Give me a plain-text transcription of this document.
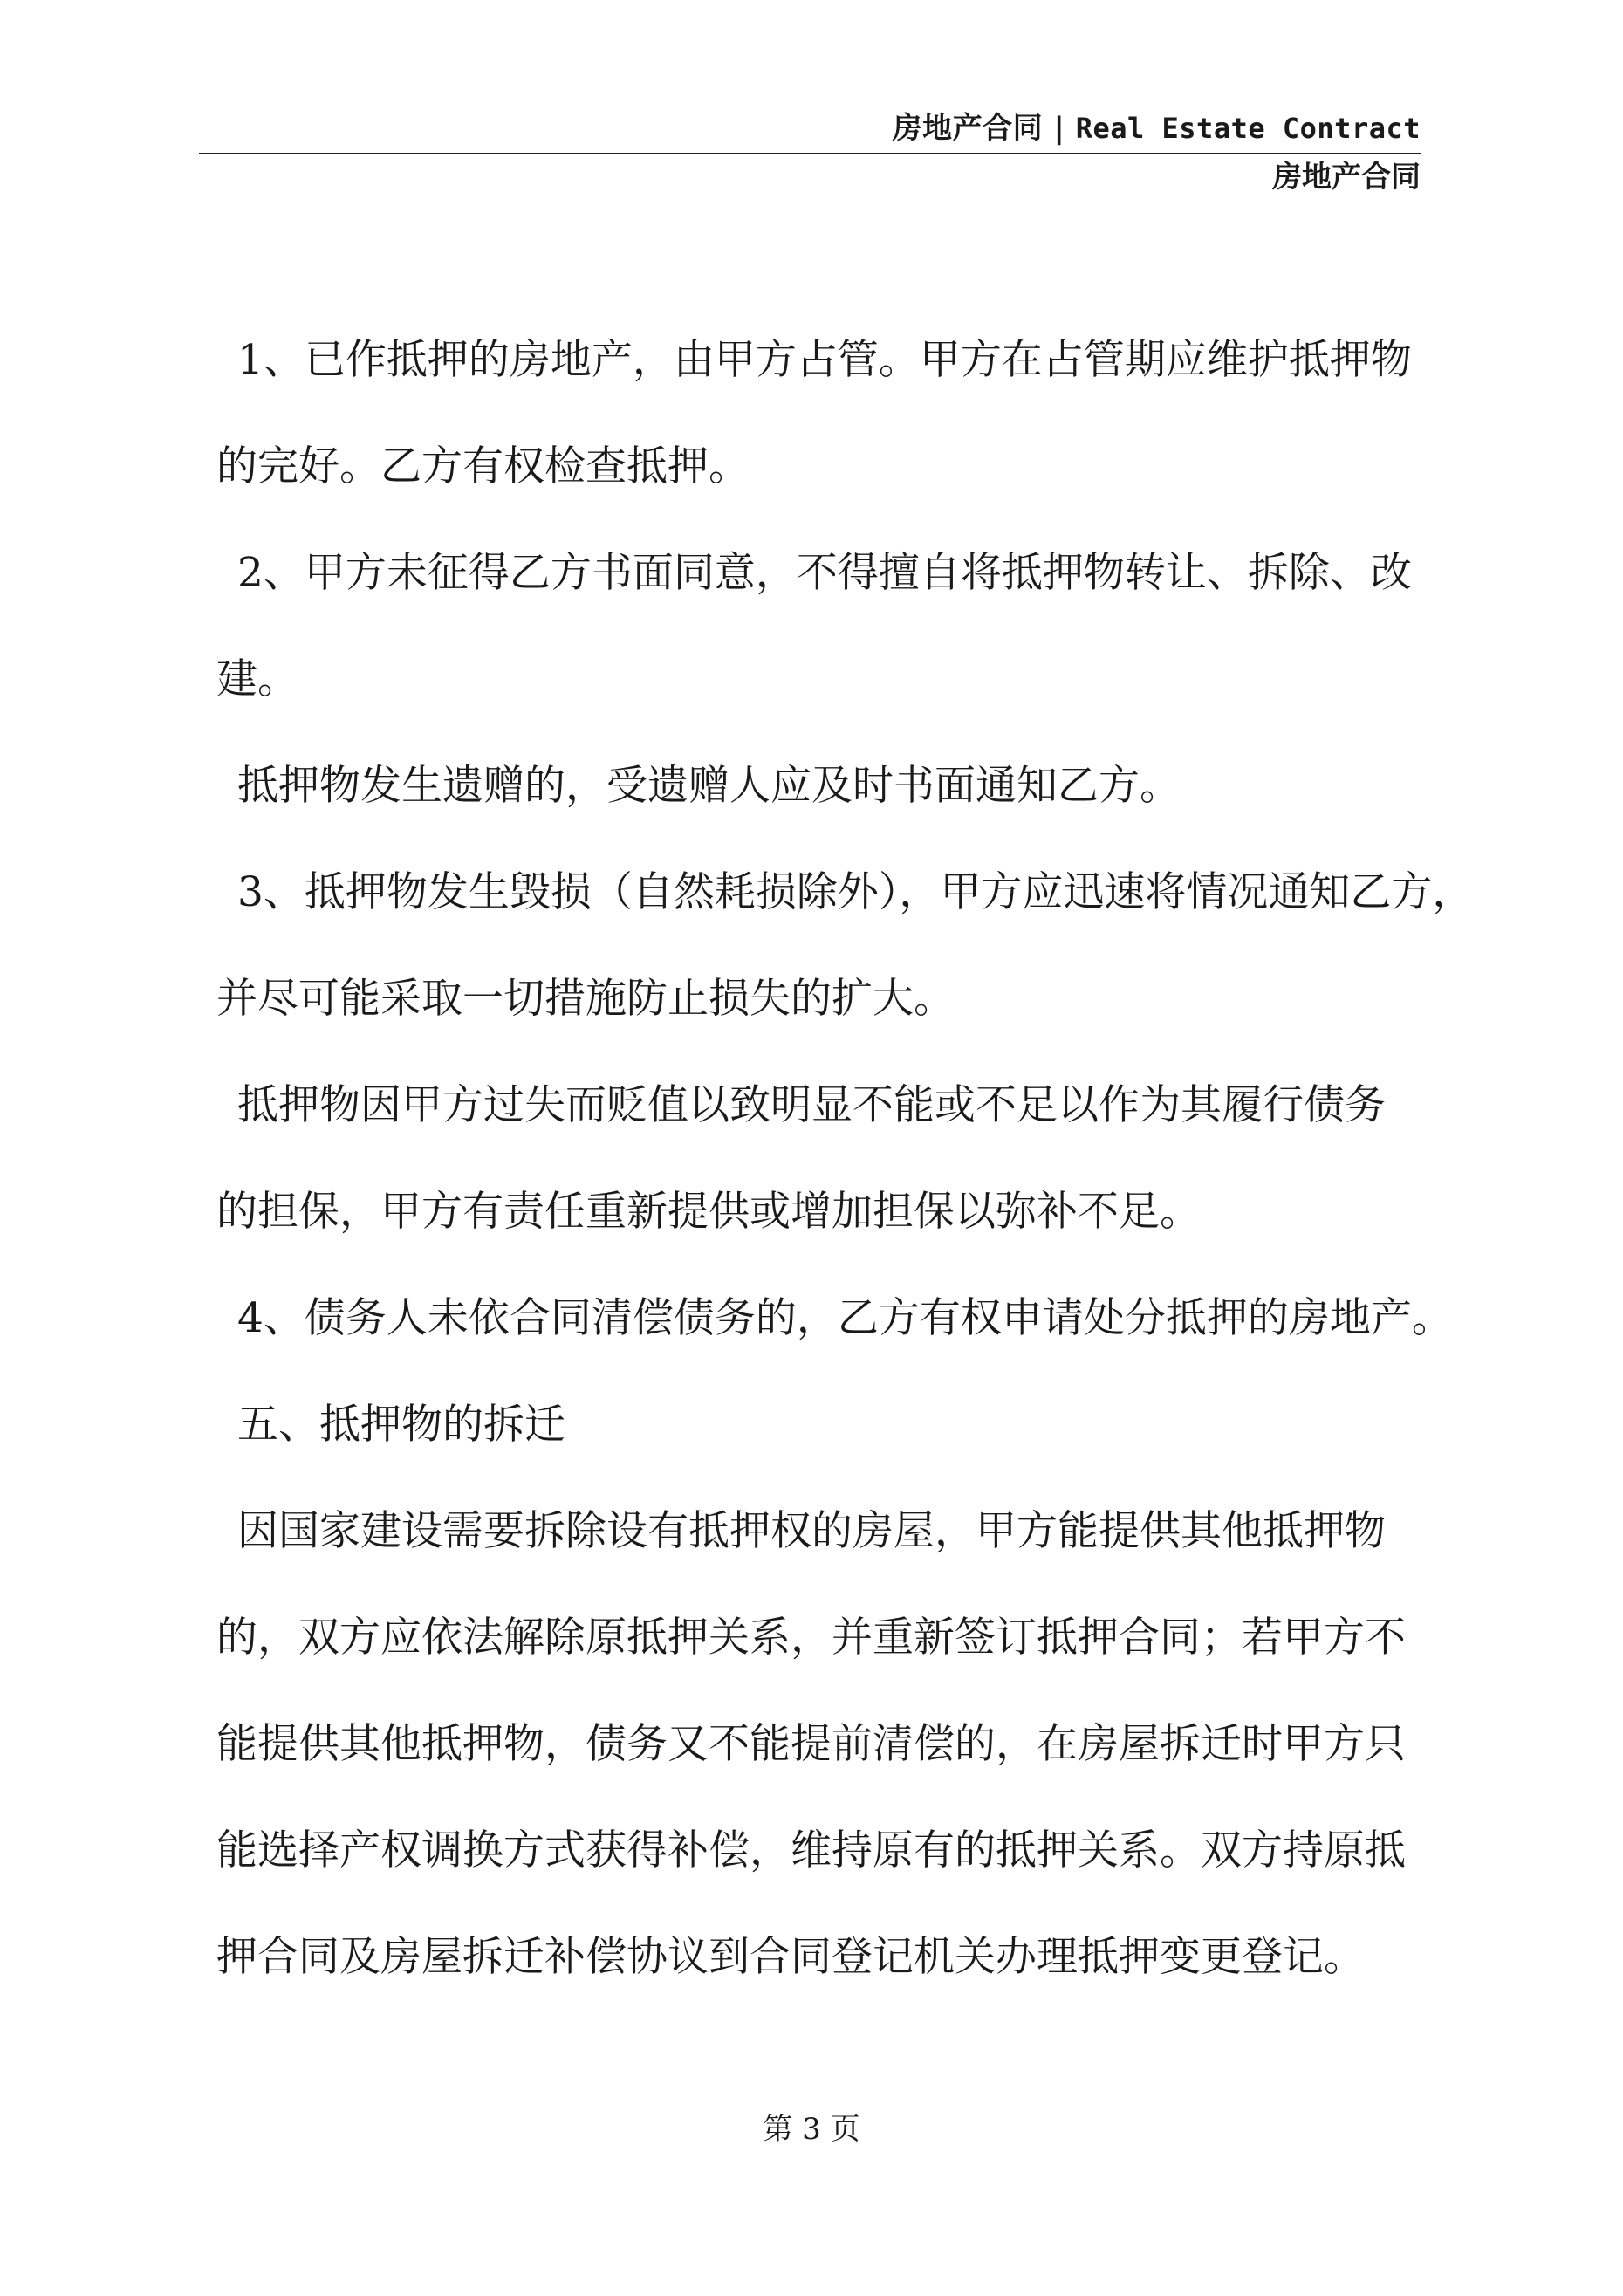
房地产合同 | Real Estate Contract
房地产合同

1、已作抵押的房地产，由甲方占管。甲方在占管期应维护抵押物

的完好。乙方有权检查抵押。

2、甲方未征得乙方书面同意，不得擅自将抵押物转让、拆除、改

建。

抵押物发生遗赠的，受遗赠人应及时书面通知乙方。

3、抵押物发生毁损（自然耗损除外），甲方应迅速将情况通知乙方，

并尽可能采取一切措施防止损失的扩大。

抵押物因甲方过失而贬值以致明显不能或不足以作为其履行债务

的担保，甲方有责任重新提供或增加担保以弥补不足。

4、债务人未依合同清偿债务的，乙方有权申请处分抵押的房地产。

五、抵押物的拆迁

因国家建设需要拆除设有抵押权的房屋，甲方能提供其他抵押物

的，双方应依法解除原抵押关系，并重新签订抵押合同；若甲方不

能提供其他抵押物，债务又不能提前清偿的，在房屋拆迁时甲方只

能选择产权调换方式获得补偿，维持原有的抵押关系。双方持原抵

押合同及房屋拆迁补偿协议到合同登记机关办理抵押变更登记。

第 3 页
